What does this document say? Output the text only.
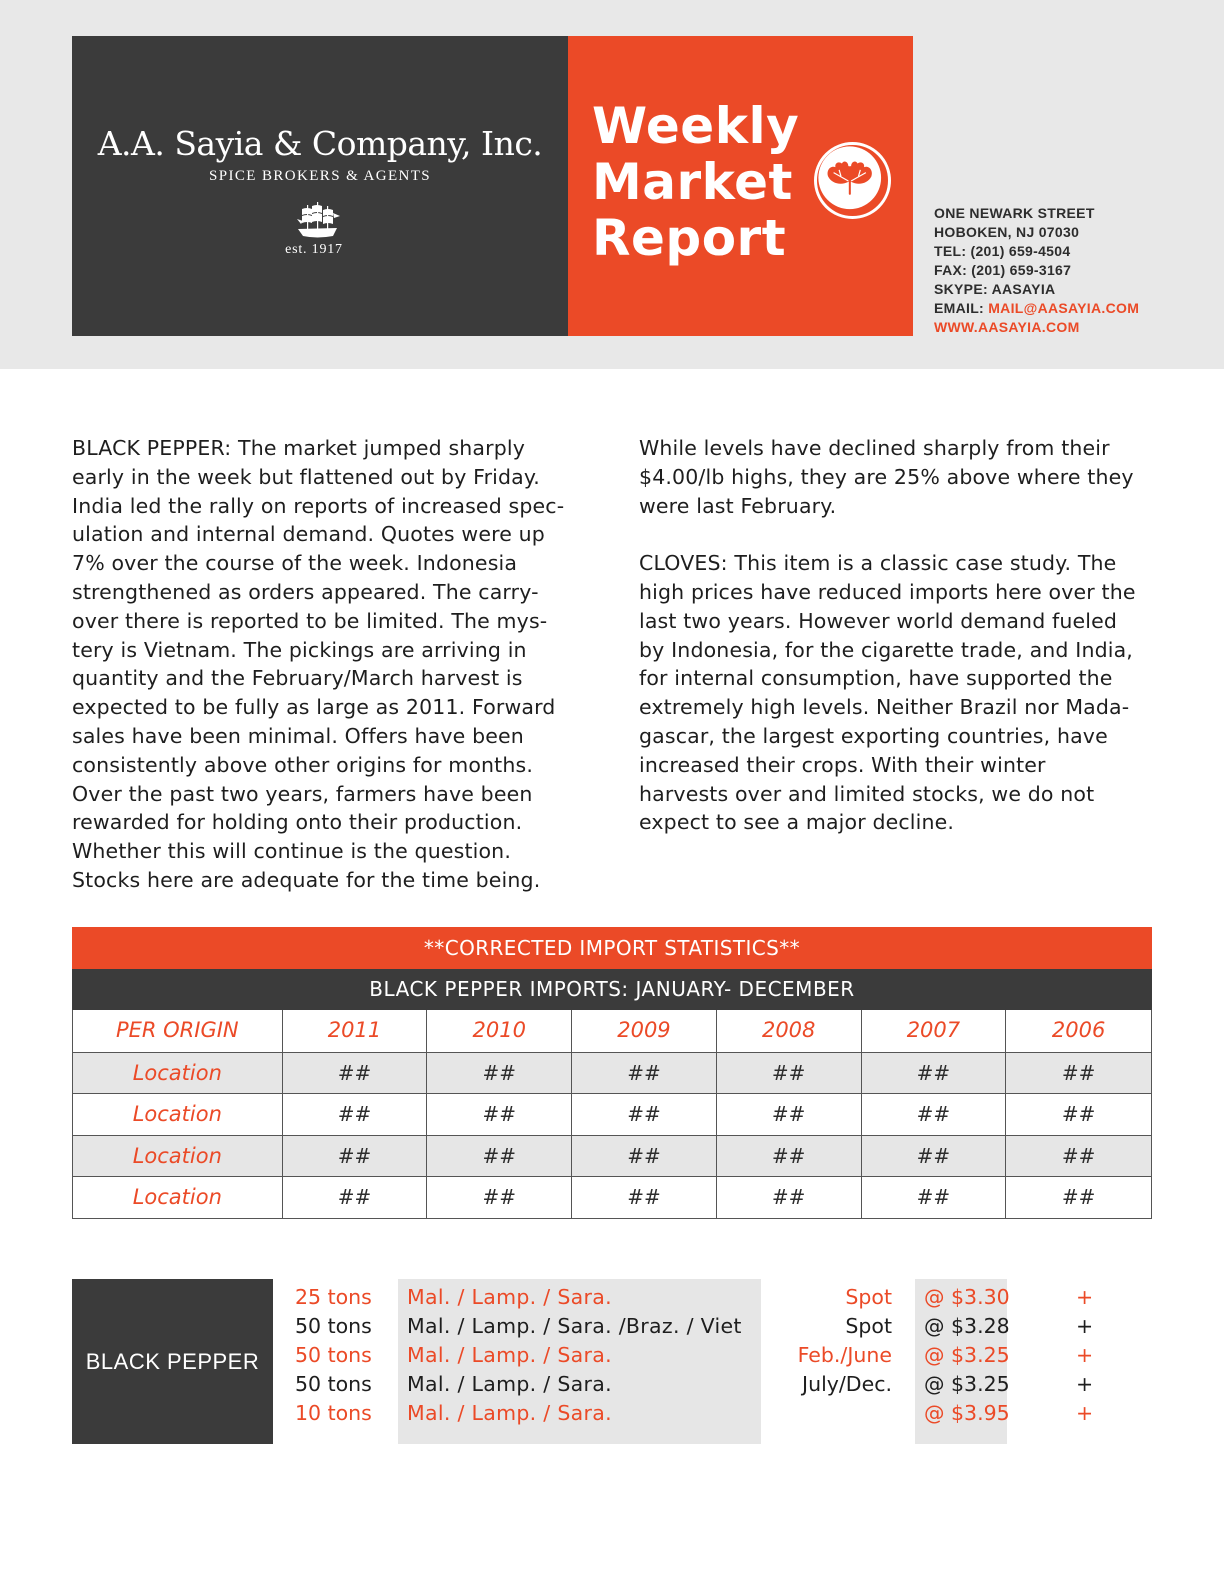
A.A. Sayia & Company, Inc.
SPICE BROKERS & AGENTS
est. 1917
Weekly
Market
Report	ONE NEWARK STREET
HOBOKEN, NJ 07030
TEL: (201) 659-4504
FAX: (201) 659-3167
SKYPE: AASAYIA
EMAIL: MAIL@AASAYIA.COM
WWW.AASAYIA.COM

BLACK PEPPER: The market jumped sharply
early in the week but flattened out by Friday.
India led the rally on reports of increased spec-
ulation and internal demand. Quotes were up
7% over the course of the week. Indonesia
strengthened as orders appeared. The carry-
over there is reported to be limited. The mys-
tery is Vietnam. The pickings are arriving in
quantity and the February/March harvest is
expected to be fully as large as 2011. Forward
sales have been minimal. Offers have been
consistently above other origins for months.
Over the past two years, farmers have been
rewarded for holding onto their production.
Whether this will continue is the question.
Stocks here are adequate for the time being.

While levels have declined sharply from their
$4.00/lb highs, they are 25% above where they
were last February.

CLOVES: This item is a classic case study. The
high prices have reduced imports here over the
last two years. However world demand fueled
by Indonesia, for the cigarette trade, and India,
for internal consumption, have supported the
extremely high levels. Neither Brazil nor Mada-
gascar, the largest exporting countries, have
increased their crops. With their winter
harvests over and limited stocks, we do not
expect to see a major decline.

**CORRECTED IMPORT STATISTICS**
BLACK PEPPER IMPORTS: JANUARY- DECEMBER
PER ORIGIN	2011	2010	2009	2008	2007	2006
Location	##	##	##	##	##	##
Location	##	##	##	##	##	##
Location	##	##	##	##	##	##
Location	##	##	##	##	##	##
BLACK PEPPER
25 tons Mal. / Lamp. / Sara.	Spot @ $3.30	+
50 tons Mal. / Lamp. / Sara. /Braz. / Viet	Spot @ $3.28	+
50 tons Mal. / Lamp. / Sara.	Feb./June @ $3.25	+
50 tons Mal. / Lamp. / Sara.	July/Dec. @ $3.25	+
10 tons Mal. / Lamp. / Sara.	@ $3.95	+
